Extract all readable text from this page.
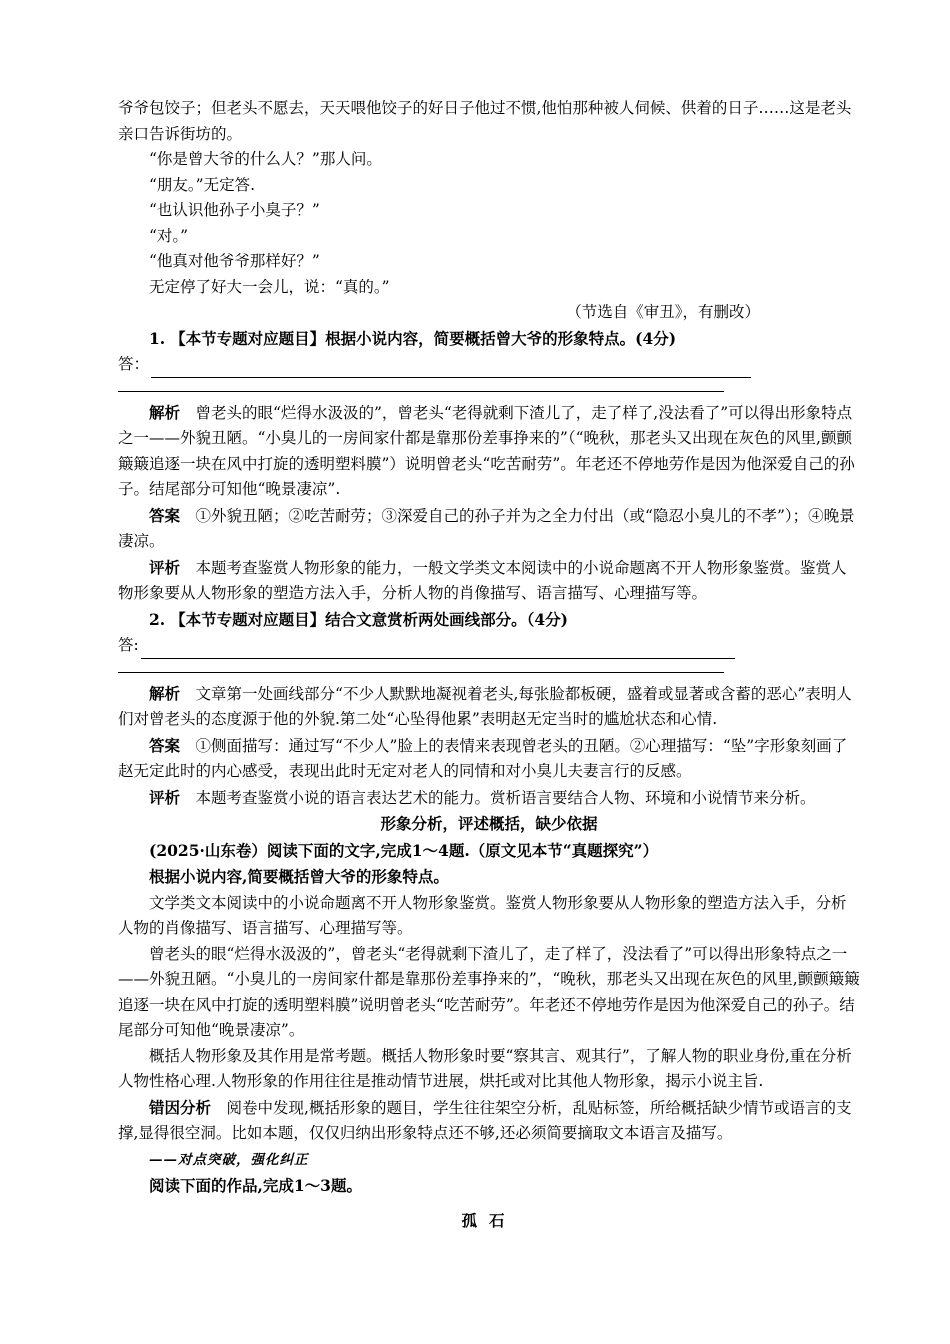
爷爷包饺子；但老头不愿去，天天喂他饺子的好日子他过不惯,他怕那种被人伺候、供着的日子……这是老头亲口告诉街坊的。

“你是曾大爷的什么人？”那人问。

“朋友。”无定答.

“也认识他孙子小臭子？”

“对。”

“他真对他爷爷那样好？”

无定停了好大一会儿，说：“真的。”

（节选自《审丑》，有删改）

1. 【本节专题对应题目】根据小说内容，简要概括曾大爷的形象特点。(4分)

答：

解析　 曾老头的眼“烂得水汲汲的”，曾老头“老得就剩下渣儿了，走了样了,没法看了”可以得出形象特点之一——外貌丑陋。“小臭儿的一房间家什都是靠那份差事挣来的”（“晚秋，那老头又出现在灰色的风里,颤颤簸簸追逐一块在风中打旋的透明塑料膜”）说明曾老头“吃苦耐劳”。年老还不停地劳作是因为他深爱自己的孙子。结尾部分可知他“晚景凄凉”.

答案　 ①外貌丑陋；②吃苦耐劳；③深爱自己的孙子并为之全力付出（或“隐忍小臭儿的不孝”）；④晚景凄凉。

评析　 本题考查鉴赏人物形象的能力，一般文学类文本阅读中的小说命题离不开人物形象鉴赏。鉴赏人物形象要从人物形象的塑造方法入手，分析人物的肖像描写、语言描写、心理描写等。

2. 【本节专题对应题目】结合文意赏析两处画线部分。（4分)

答:

解析　 文章第一处画线部分“不少人默默地凝视着老头,每张脸都板硬，盛着或显著或含蓄的恶心”表明人们对曾老头的态度源于他的外貌.第二处“心坠得他累”表明赵无定当时的尴尬状态和心情.

答案　 ①侧面描写：通过写“不少人”脸上的表情来表现曾老头的丑陋。②心理描写：“坠”字形象刻画了赵无定此时的内心感受，表现出此时无定对老人的同情和对小臭儿夫妻言行的反感。

评析　 本题考查鉴赏小说的语言表达艺术的能力。赏析语言要结合人物、环境和小说情节来分析。

形象分析，评述概括，缺少依据

(2025·山东卷）阅读下面的文字,完成1～4题.（原文见本节“真题探究”）

根据小说内容,简要概括曾大爷的形象特点。

文学类文本阅读中的小说命题离不开人物形象鉴赏。鉴赏人物形象要从人物形象的塑造方法入手，分析人物的肖像描写、语言描写、心理描写等。

曾老头的眼“烂得水汲汲的”，曾老头“老得就剩下渣儿了，走了样了，没法看了”可以得出形象特点之一——外貌丑陋。“小臭儿的一房间家什都是靠那份差事挣来的”，“晚秋，那老头又出现在灰色的风里,颤颤簸簸追逐一块在风中打旋的透明塑料膜”说明曾老头“吃苦耐劳”。年老还不停地劳作是因为他深爱自己的孙子。结尾部分可知他“晚景凄凉”。

概括人物形象及其作用是常考题。概括人物形象时要“察其言、观其行”，了解人物的职业身份,重在分析人物性格心理.人物形象的作用往往是推动情节进展，烘托或对比其他人物形象，揭示小说主旨.

错因分析　 阅卷中发现,概括形象的题目，学生往往架空分析，乱贴标签，所给概括缺少情节或语言的支撑,显得很空洞。比如本题，仅仅归纳出形象特点还不够,还必须简要摘取文本语言及描写。

——对点突破，强化纠正

阅读下面的作品,完成1～3题。

孤石
